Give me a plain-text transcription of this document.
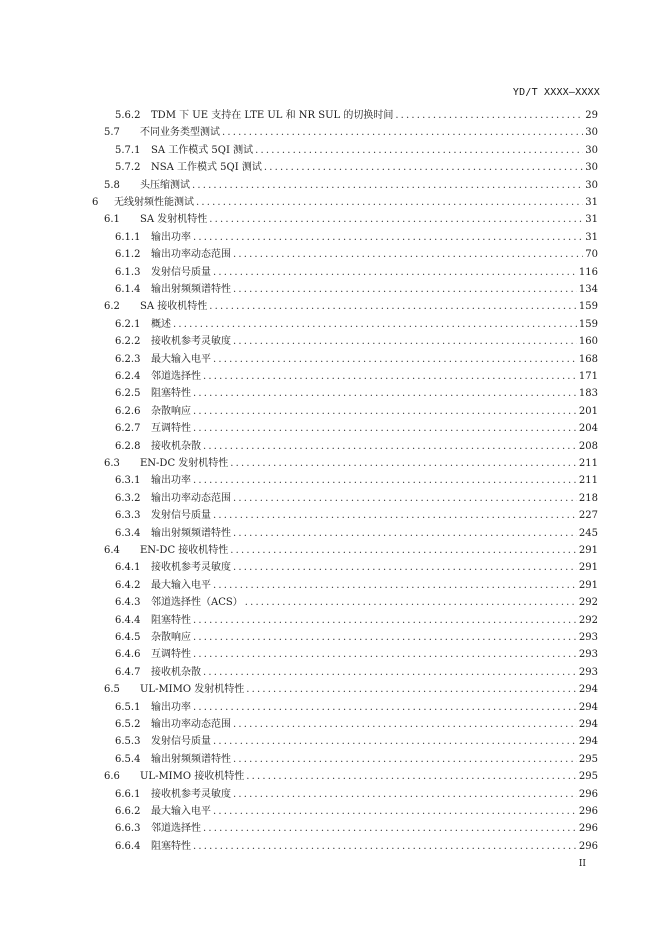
YD/T XXXX—XXXX
5.6.2	TDM 下 UE 支持在 LTE UL 和 NR SUL 的切换时间 . . .	29
5.7	不同业务类型测试 . . .	30
5.7.1	SA 工作模式 5QI 测试 . . .	30
5.7.2	NSA 工作模式 5QI 测试 . . .	30
5.8	头压缩测试 . . .	30
6	无线射频性能测试 . . .	31
6.1	SA 发射机特性 . . .	31
6.1.1	输出功率 . . .	31
6.1.2	输出功率动态范围 . . .	70
6.1.3	发射信号质量 . . .	116
6.1.4	输出射频频谱特性 . . .	134
6.2	SA 接收机特性 . . .	159
6.2.1	概述 . . .	159
6.2.2	接收机参考灵敏度 . . .	160
6.2.3	最大输入电平 . . .	168
6.2.4	邻道选择性 . . .	171
6.2.5	阻塞特性 . . .	183
6.2.6	杂散响应 . . .	201
6.2.7	互调特性 . . .	204
6.2.8	接收机杂散 . . .	208
6.3	EN-DC 发射机特性 . . .	211
6.3.1	输出功率 . . .	211
6.3.2	输出功率动态范围 . . .	218
6.3.3	发射信号质量 . . .	227
6.3.4	输出射频频谱特性 . . .	245
6.4	EN-DC 接收机特性 . . .	291
6.4.1	接收机参考灵敏度 . . .	291
6.4.2	最大输入电平 . . .	291
6.4.3	邻道选择性（ACS） . . .	292
6.4.4	阻塞特性 . . .	292
6.4.5	杂散响应 . . .	293
6.4.6	互调特性 . . .	293
6.4.7	接收机杂散 . . .	293
6.5	UL-MIMO 发射机特性 . . .	294
6.5.1	输出功率 . . .	294
6.5.2	输出功率动态范围 . . .	294
6.5.3	发射信号质量 . . .	294
6.5.4	输出射频频谱特性 . . .	295
6.6	UL-MIMO 接收机特性 . . .	295
6.6.1	接收机参考灵敏度 . . .	296
6.6.2	最大输入电平 . . .	296
6.6.3	邻道选择性 . . .	296
6.6.4	阻塞特性 . . .	296
II
